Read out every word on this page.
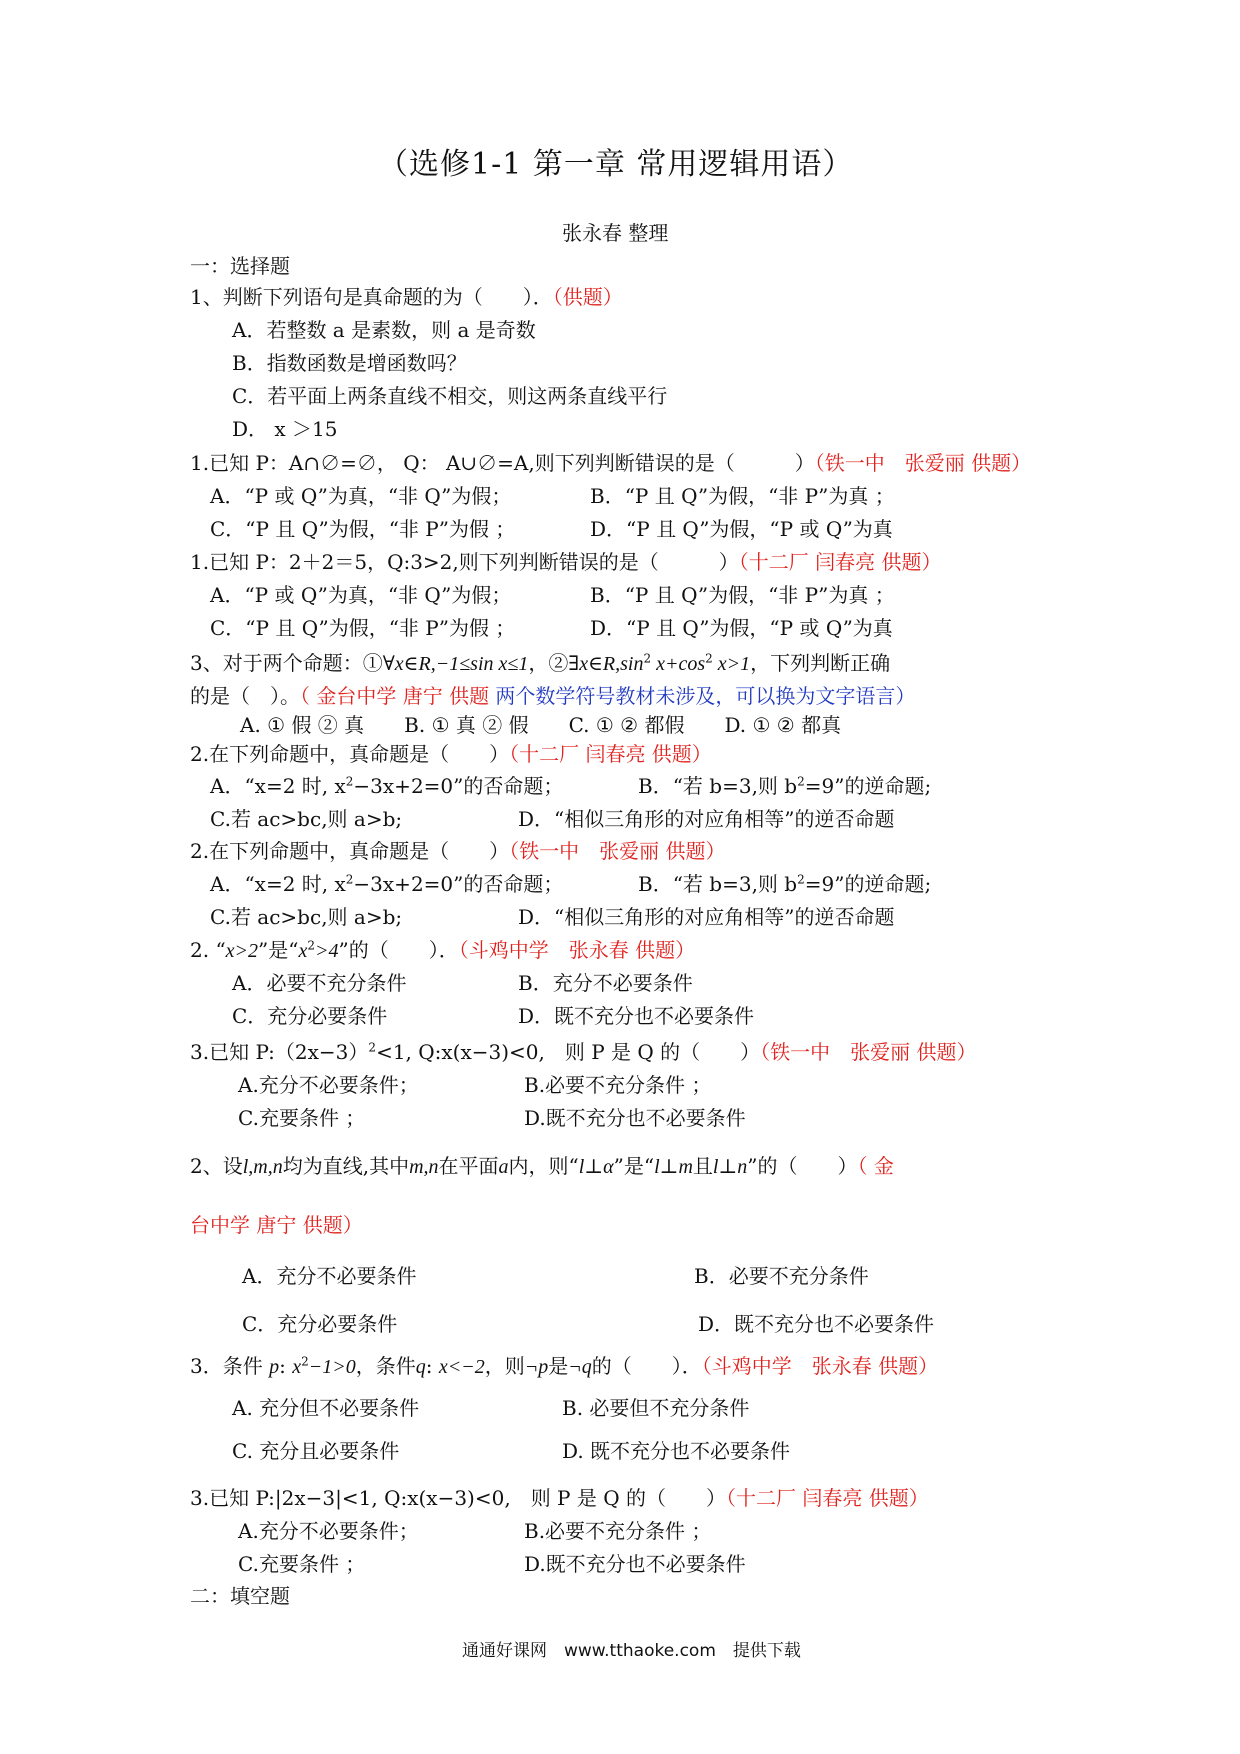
（选修1-1 第一章 常用逻辑用语）
张永春 整理
一：选择题
1、判断下列语句是真命题的为（　　）．（供题）
A．若整数 a 是素数，则 a 是奇数
B．指数函数是增函数吗？
C．若平面上两条直线不相交，则这两条直线平行
D． x ＞15
1.已知 P：A∩∅=∅， Q： A∪∅=A,则下列判断错误的是（　　　）（铁一中　张爱丽 供题）
A．“P 或 Q”为真，“非 Q”为假；	B．“P 且 Q”为假，“非 P”为真 ；
C．“P 且 Q”为假，“非 P”为假 ；	D．“P 且 Q”为假，“P 或 Q”为真
1.已知 P：2＋2＝5，Q:3>2,则下列判断错误的是（　　　）（十二厂 闫春亮 供题）
A．“P 或 Q”为真，“非 Q”为假；	B．“P 且 Q”为假，“非 P”为真 ；
C．“P 且 Q”为假，“非 P”为假 ；	D．“P 且 Q”为假，“P 或 Q”为真
3、对于两个命题：①∀x∈R,−1≤sin x≤1，$②\exists x\in R,\sin^2$ $x+\cos^2$ x>1，下列判断正确
的是（　）。（ 金台中学 唐宁 供题 两个数学符号教材未涉及，可以换为文字语言）
A. ① 假 ② 真　　B. ① 真 ② 假　　C. ① ② 都假　　D. ① ② 都真
2.在下列命题中，真命题是（　　）（十二厂 闫春亮 供题）
A．“x=2 时, $x^2-3x+2=0$”的否命题；	B．“若 b=3,则 $b^2=9$”的逆命题;
C.若 ac>bc,则 a>b;	D．“相似三角形的对应角相等”的逆否命题
2.在下列命题中，真命题是（　　）（铁一中　张爱丽 供题）
A．“x=2 时, $x^2-3x+2=0$”的否命题；	B．“若 b=3,则 $b^2=9$”的逆命题;
C.若 ac>bc,则 a>b;	D．“相似三角形的对应角相等”的逆否命题
2. “x>2”是“$x^2>4$”的（　　）．（斗鸡中学　张永春 供题）
A．必要不充分条件	B．充分不必要条件
C．充分必要条件	D．既不充分也不必要条件
3.已知 $P:(2x-3)^2<1$, Q:x(x−3)<0,　则 P 是 Q 的（　　）（铁一中　张爱丽 供题）
A.充分不必要条件；	B.必要不充分条件 ；
C.充要条件 ；	D.既不充分也不必要条件
2、设l,m,n均为直线,其中m,n在平面a内，则“l⊥α”是“l⊥m且l⊥n”的（　　）（ 金
台中学 唐宁 供题）
A．充分不必要条件	B．必要不充分条件
C．充分必要条件	D．既不充分也不必要条件
3．条件 p: $x^2-1>0$，条件q: x<−2，则¬p是¬q的（　　）．（斗鸡中学　张永春 供题）
A. 充分但不必要条件	B. 必要但不充分条件
C. 充分且必要条件	D. 既不充分也不必要条件
3.已知 P:|2x−3|<1, Q:x(x−3)<0,　则 P 是 Q 的（　　）（十二厂 闫春亮 供题）
A.充分不必要条件；	B.必要不充分条件 ；
C.充要条件 ；	D.既不充分也不必要条件
二：填空题
通通好课网　www.tthaoke.com　提供下载
